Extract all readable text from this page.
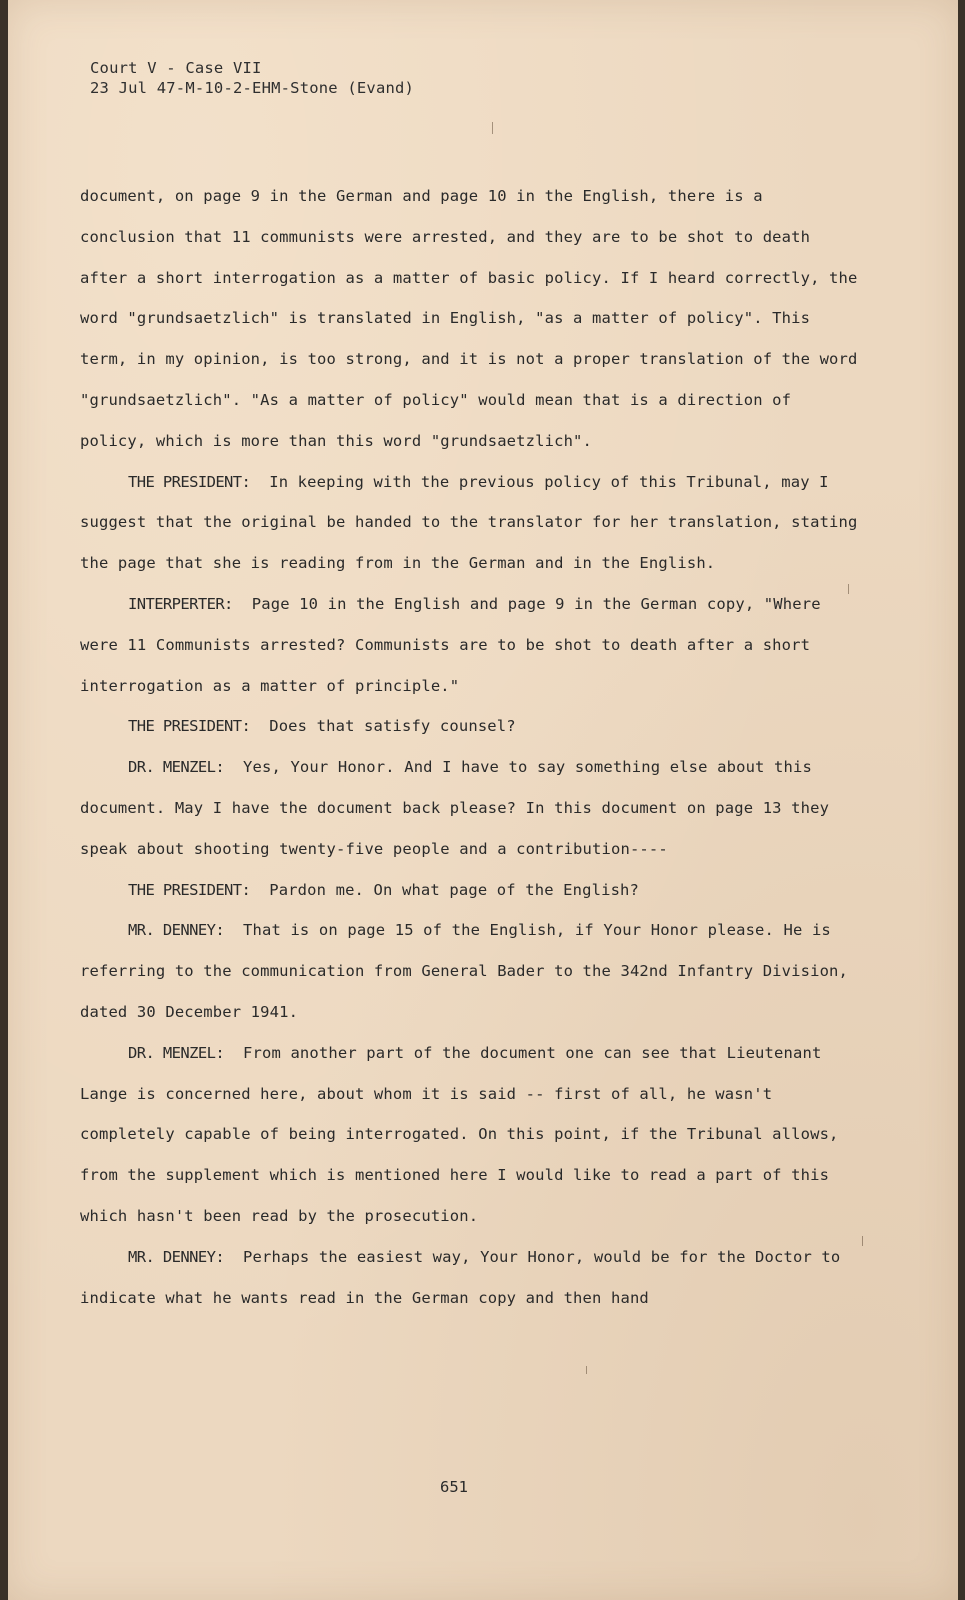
Court V - Case VII
23 Jul 47-M-10-2-EHM-Stone (Evand)

document, on page 9 in the German and page 10 in the English, there is a conclusion that 11 communists were arrested, and they are to be shot to death after a short interrogation as a matter of basic policy. If I heard correctly, the word "grundsaetzlich" is translated in English, "as a matter of policy". This term, in my opinion, is too strong, and it is not a proper translation of the word "grundsaetzlich". "As a matter of policy" would mean that is a direction of policy, which is more than this word "grundsaetzlich".

THE PRESIDENT: In keeping with the previous policy of this Tribunal, may I suggest that the original be handed to the translator for her translation, stating the page that she is reading from in the German and in the English.

INTERPERTER: Page 10 in the English and page 9 in the German copy, "Where were 11 Communists arrested? Communists are to be shot to death after a short interrogation as a matter of principle."

THE PRESIDENT: Does that satisfy counsel?

DR. MENZEL: Yes, Your Honor. And I have to say something else about this document. May I have the document back please? In this document on page 13 they speak about shooting twenty-five people and a contribution----

THE PRESIDENT: Pardon me. On what page of the English?

MR. DENNEY: That is on page 15 of the English, if Your Honor please. He is referring to the communication from General Bader to the 342nd Infantry Division, dated 30 December 1941.

DR. MENZEL: From another part of the document one can see that Lieutenant Lange is concerned here, about whom it is said -- first of all, he wasn't completely capable of being interrogated. On this point, if the Tribunal allows, from the supplement which is mentioned here I would like to read a part of this which hasn't been read by the prosecution.

MR. DENNEY: Perhaps the easiest way, Your Honor, would be for the Doctor to indicate what he wants read in the German copy and then hand

651
